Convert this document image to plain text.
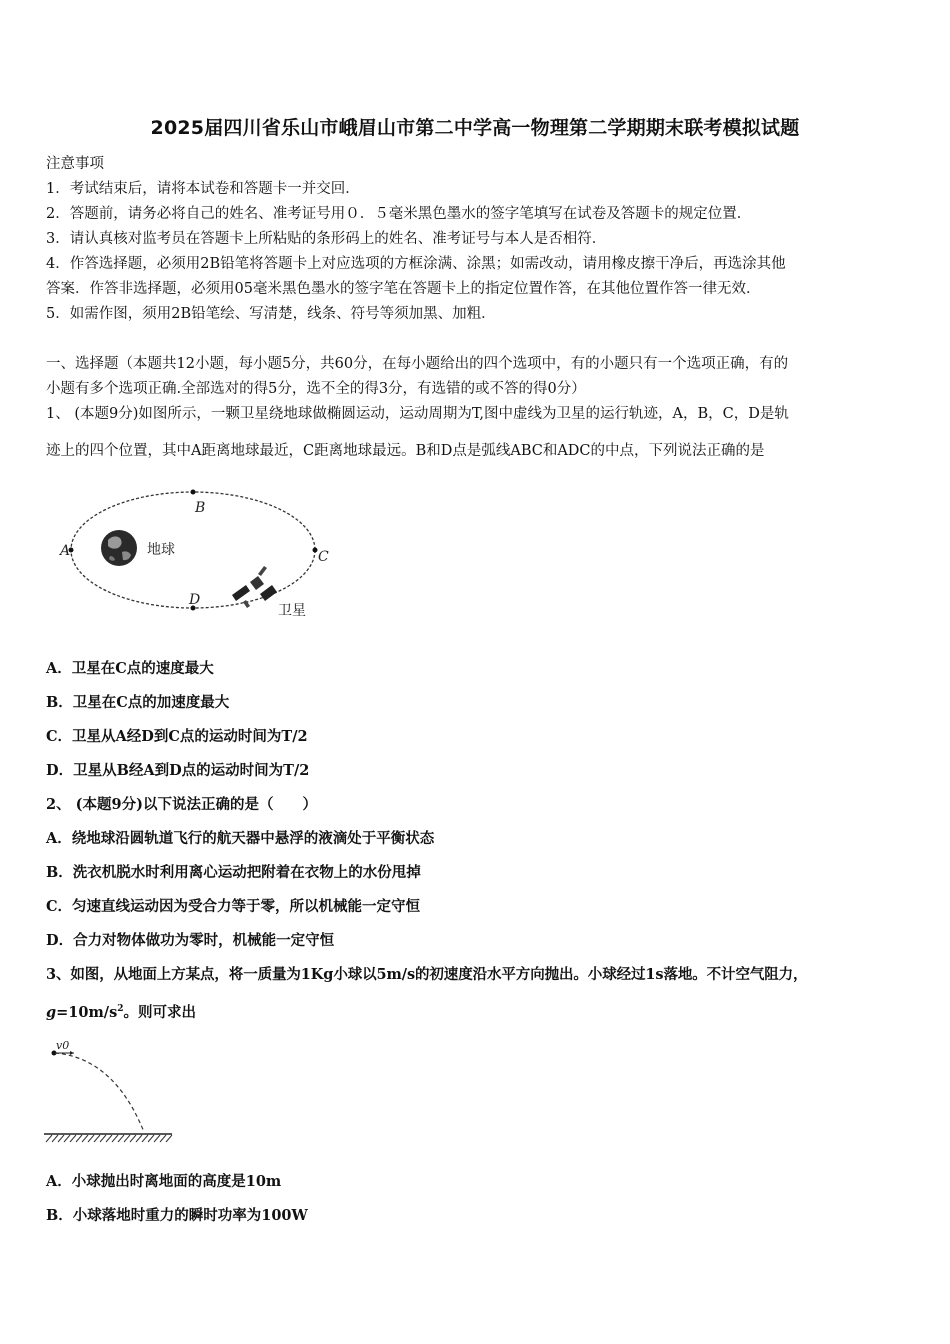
2025届四川省乐山市峨眉山市第二中学高一物理第二学期期末联考模拟试题
注意事项
1．考试结束后，请将本试卷和答题卡一并交回．
2．答题前，请务必将自己的姓名、准考证号用０．５毫米黑色墨水的签字笔填写在试卷及答题卡的规定位置．
3．请认真核对监考员在答题卡上所粘贴的条形码上的姓名、准考证号与本人是否相符．
4．作答选择题，必须用2B铅笔将答题卡上对应选项的方框涂满、涂黑；如需改动，请用橡皮擦干净后，再选涂其他
答案．作答非选择题，必须用05毫米黑色墨水的签字笔在答题卡上的指定位置作答，在其他位置作答一律无效．
5．如需作图，须用2B铅笔绘、写清楚，线条、符号等须加黑、加粗．
一、选择题（本题共12小题，每小题5分，共60分，在每小题给出的四个选项中，有的小题只有一个选项正确，有的
小题有多个选项正确.全部选对的得5分，选不全的得3分，有选错的或不答的得0分）
1、 (本题9分)如图所示，一颗卫星绕地球做椭圆运动，运动周期为T,图中虚线为卫星的运行轨迹，A，B，C，D是轨
迹上的四个位置，其中A距离地球最近，C距离地球最远。B和D点是弧线ABC和ADC的中点，下列说法正确的是
A
B
C
D
地球
卫星
A．卫星在C点的速度最大
B．卫星在C点的加速度最大
C．卫星从A经D到C点的运动时间为T/2
D．卫星从B经A到D点的运动时间为T/2
2、 (本题9分)以下说法正确的是（　　）
A．绕地球沿圆轨道飞行的航天器中悬浮的液滴处于平衡状态
B．洗衣机脱水时利用离心运动把附着在衣物上的水份甩掉
C．匀速直线运动因为受合力等于零，所以机械能一定守恒
D．合力对物体做功为零时，机械能一定守恒
3、如图，从地面上方某点，将一质量为1Kg小球以5m/s的初速度沿水平方向抛出。小球经过1s落地。不计空气阻力，
$g=10m/s^2$。则可求出
v0
A．小球抛出时离地面的高度是10m
B．小球落地时重力的瞬时功率为100W
